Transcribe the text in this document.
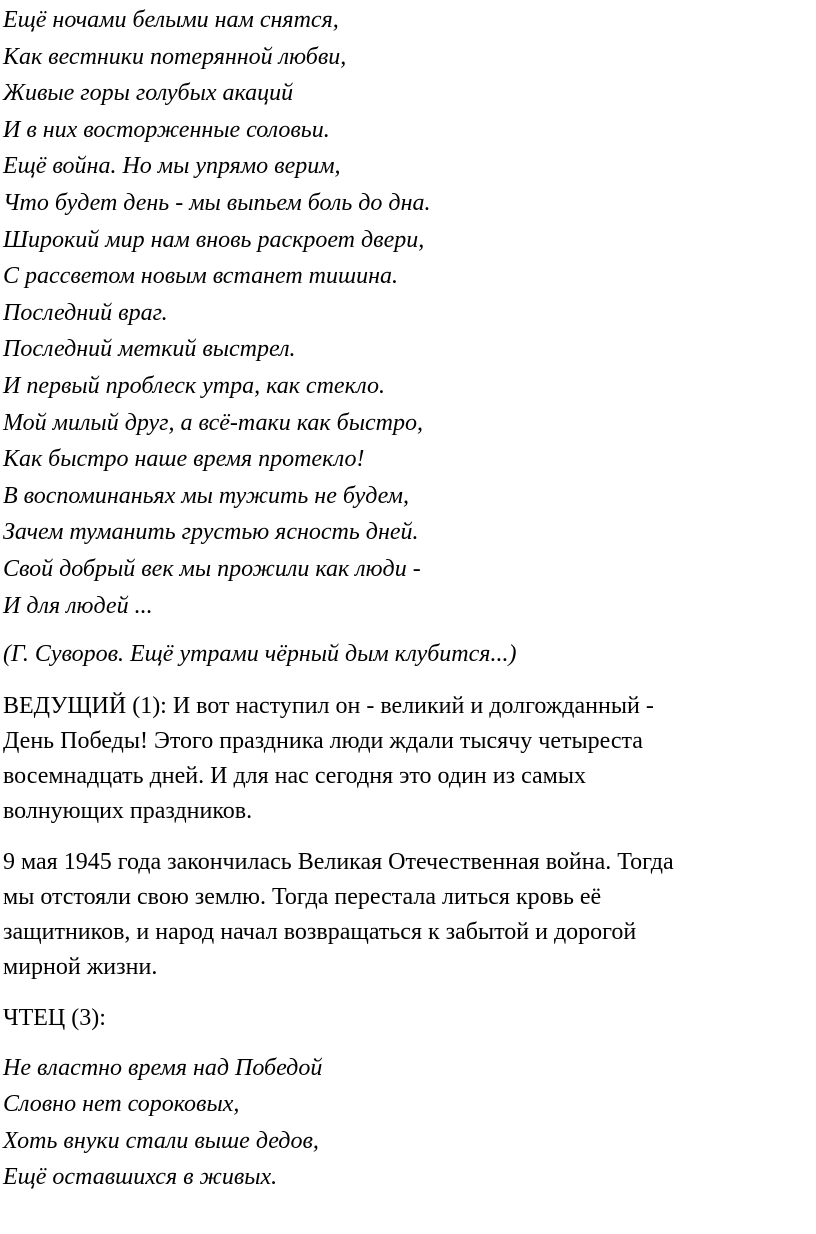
Ещё ночами белыми нам снятся,
Как вестники потерянной любви,
Живые горы голубых акаций
И в них восторженные соловьи.
Ещё война. Но мы упрямо верим,
Что будет день - мы выпьем боль до дна.
Широкий мир нам вновь раскроет двери,
С рассветом новым встанет тишина.
Последний враг.
Последний меткий выстрел.
И первый проблеск утра, как стекло.
Мой милый друг, а всё-таки как быстро,
Как быстро наше время протекло!
В воспоминаньях мы тужить не будем,
Зачем туманить грустью ясность дней.
Свой добрый век мы прожили как люди -
И для людей ...

(Г. Суворов. Ещё утрами чёрный дым клубится...)

ВЕДУЩИЙ (1): И вот наступил он - великий и долгожданный -
День Победы! Этого праздника люди ждали тысячу четыреста
восемнадцать дней. И для нас сегодня это один из самых
волнующих праздников.

9 мая 1945 года закончилась Великая Отечественная война. Тогда
мы отстояли свою землю. Тогда перестала литься кровь её
защитников, и народ начал возвращаться к забытой и дорогой
мирной жизни.

ЧТЕЦ (3):

Не властно время над Победой
Словно нет сороковых,
Хоть внуки стали выше дедов,
Ещё оставшихся в живых.
